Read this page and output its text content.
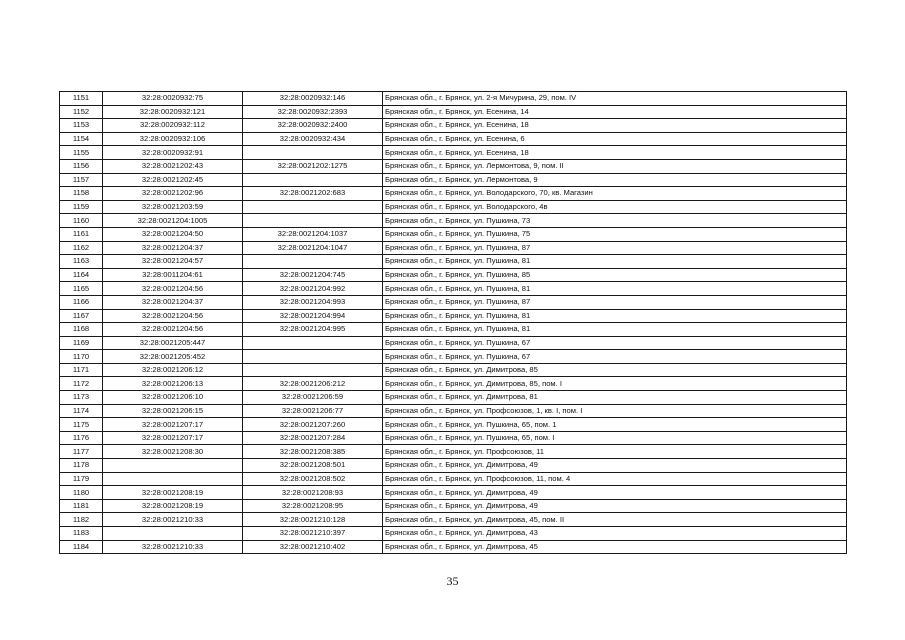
1151	32:28:0020932:75	32:28:0020932:146	Брянская обл., г. Брянск, ул. 2-я Мичурина, 29, пом. IV
1152	32:28:0020932:121	32:28:0020932:2393	Брянская обл., г. Брянск, ул. Есенина, 14
1153	32:28:0020932:112	32:28:0020932:2400	Брянская обл., г. Брянск, ул. Есенина, 18
1154	32:28:0020932:106	32:28:0020932:434	Брянская обл., г. Брянск, ул. Есенина, 6
1155	32:28:0020932:91		Брянская обл., г. Брянск, ул. Есенина, 18
1156	32:28:0021202:43	32:28:0021202:1275	Брянская обл., г. Брянск, ул. Лермонтова, 9, пом. II
1157	32:28:0021202:45		Брянская обл., г. Брянск, ул. Лермонтова, 9
1158	32:28:0021202:96	32:28:0021202:683	Брянская обл., г. Брянск, ул. Володарского, 70, кв. Магазин
1159	32:28:0021203:59		Брянская обл., г. Брянск, ул. Володарского, 4в
1160	32:28:0021204:1005		Брянская обл., г. Брянск, ул. Пушкина, 73
1161	32:28:0021204:50	32:28:0021204:1037	Брянская обл., г. Брянск, ул. Пушкина, 75
1162	32:28:0021204:37	32:28:0021204:1047	Брянская обл., г. Брянск, ул. Пушкина, 87
1163	32:28:0021204:57		Брянская обл., г. Брянск, ул. Пушкина, 81
1164	32:28:0011204:61	32:28:0021204:745	Брянская обл., г. Брянск, ул. Пушкина, 85
1165	32:28:0021204:56	32:28:0021204:992	Брянская обл., г. Брянск, ул. Пушкина, 81
1166	32:28:0021204:37	32:28:0021204:993	Брянская обл., г. Брянск, ул. Пушкина, 87
1167	32:28:0021204:56	32:28:0021204:994	Брянская обл., г. Брянск, ул. Пушкина, 81
1168	32:28:0021204:56	32:28:0021204:995	Брянская обл., г. Брянск, ул. Пушкина, 81
1169	32:28:0021205:447		Брянская обл., г. Брянск, ул. Пушкина, 67
1170	32:28:0021205:452		Брянская обл., г. Брянск, ул. Пушкина, 67
1171	32:28:0021206:12		Брянская обл., г. Брянск, ул. Димитрова, 85
1172	32:28:0021206:13	32:28:0021206:212	Брянская обл., г. Брянск, ул. Димитрова, 85, пом. I
1173	32:28:0021206:10	32:28:0021206:59	Брянская обл., г. Брянск, ул. Димитрова, 81
1174	32:28:0021206:15	32:28:0021206:77	Брянская обл., г. Брянск, ул. Профсоюзов, 1, кв. I, пом. I
1175	32:28:0021207:17	32:28:0021207:260	Брянская обл., г. Брянск, ул. Пушкина, 65, пом. 1
1176	32:28:0021207:17	32:28:0021207:284	Брянская обл., г. Брянск, ул. Пушкина, 65, пом. I
1177	32:28:0021208:30	32:28:0021208:385	Брянская обл., г. Брянск, ул. Профсоюзов, 11
1178		32:28:0021208:501	Брянская обл., г. Брянск, ул. Димитрова, 49
1179		32:28:0021208:502	Брянская обл., г. Брянск, ул. Профсоюзов, 11, пом. 4
1180	32:28:0021208:19	32:28:0021208:93	Брянская обл., г. Брянск, ул. Димитрова, 49
1181	32:28:0021208:19	32:28:0021208:95	Брянская обл., г. Брянск, ул. Димитрова, 49
1182	32:28:0021210:33	32:28:0021210:128	Брянская обл., г. Брянск, ул. Димитрова, 45, пом. II
1183		32:28:0021210:397	Брянская обл., г. Брянск, ул. Димитрова, 43
1184	32:28:0021210:33	32:28:0021210:402	Брянская обл., г. Брянск, ул. Димитрова, 45
35
